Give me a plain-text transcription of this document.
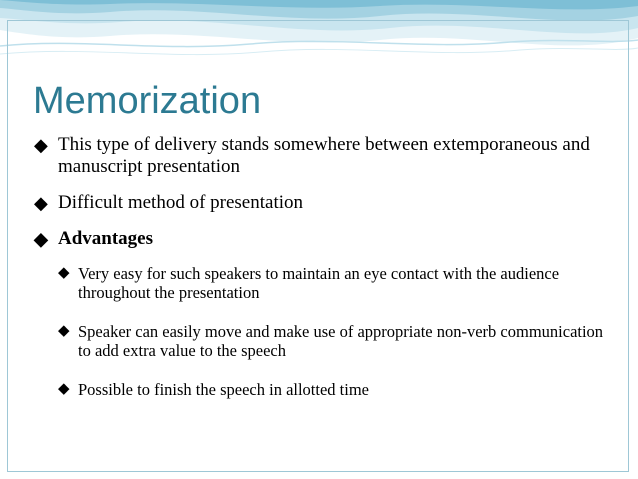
Memorization
◆ This type of delivery stands somewhere between extemporaneous and manuscript presentation
◆ Difficult method of presentation
◆ Advantages
◆ Very easy for such speakers to maintain an eye contact with the audience throughout the presentation
◆ Speaker can easily move and make use of appropriate non-verb communication to add extra value to the speech
◆ Possible to finish the speech in allotted time
